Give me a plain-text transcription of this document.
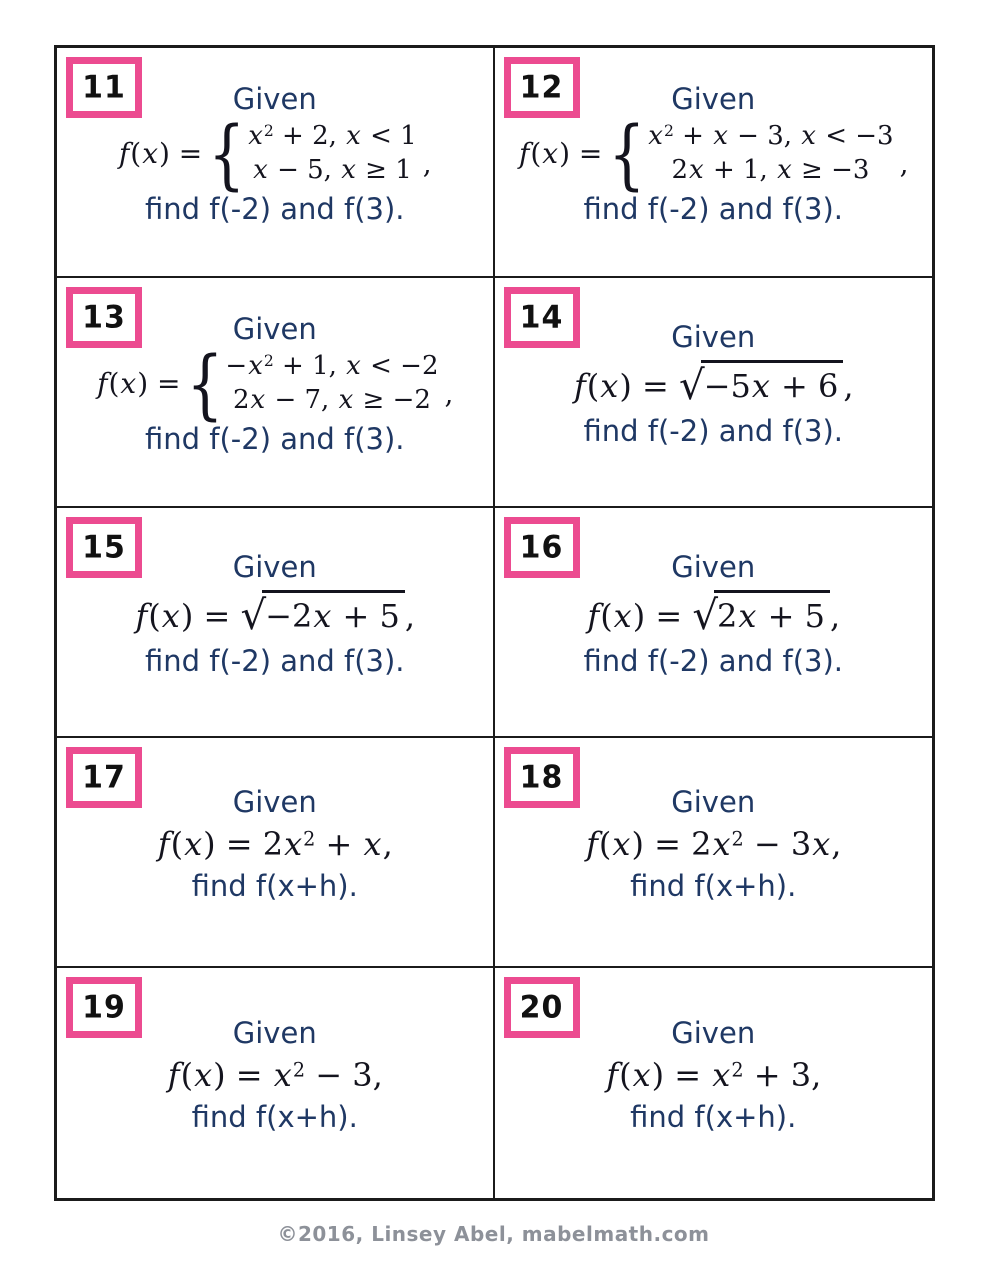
11	Given
f(x) = { $x^2 + 2$, x < 1
x − 5, x ≥ 1 ,
find f(-2) and f(3).
12	Given
f(x) = { $x^2 + x - 3$, x < −3
2x + 1, x ≥ −3 ,
find f(-2) and f(3).
13	Given
f(x) = { $-x^2 + 1$, x < −2
2x − 7, x ≥ −2 ,
find f(-2) and f(3).
14
Given
f(x) = √−5x + 6 ,
find f(-2) and f(3).
15
Given
f(x) = √−2x + 5 ,
find f(-2) and f(3).
16
Given
f(x) = √2x + 5 ,
find f(-2) and f(3).
17
Given
$f(x) = 2x^2 + x$,
find f(x+h).
18
Given
$f(x) = 2x^2 - 3x$,
find f(x+h).
19
Given
$f(x) = x^2 - 3$,
find f(x+h).
20
Given
$f(x) = x^2 + 3$,
find f(x+h).
©2016, Linsey Abel, mabelmath.com
